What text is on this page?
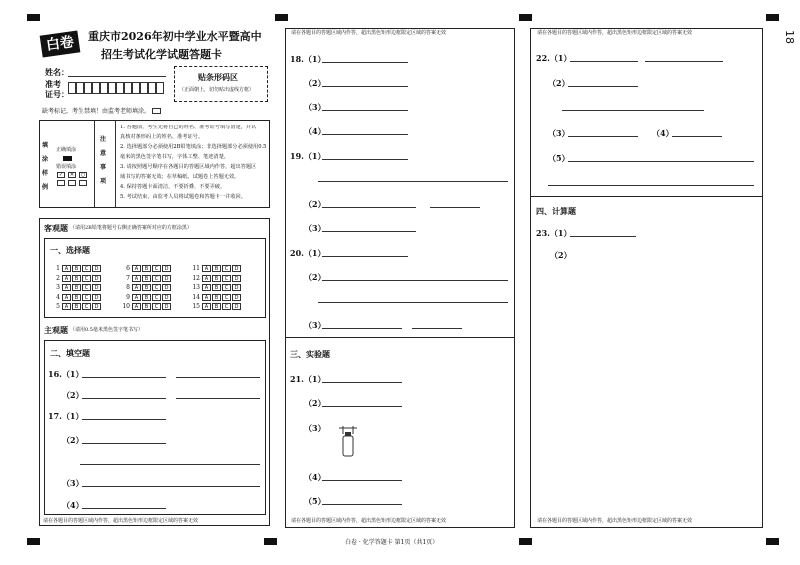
18
白卷	重庆市2026年初中学业水平暨高中
招生考试化学试题答题卡
姓名：
准考
证号：
贴条形码区
（正面朝上，切勿贴出虚线方框）
缺考标记，考生禁填！由监考老师填涂。
填
涂
样
例
正确填涂
错误填涂
✓	✕	○
注
意
事
项
1. 答题前，考生先将自己的姓名、准考证号填写清楚，并认
真核对条形码上的姓名、准考证号。
2. 选择题部分必须使用2B铅笔填涂；非选择题部分必须使用0.5
毫米的黑色签字笔书写，字体工整、笔迹清楚。
3. 请按照题号顺序在各题目的答题区域内作答，超出答题区
域书写的答案无效；在草稿纸、试题卷上答题无效。
4. 保持答题卡面清洁，不要折叠、不要弄破。
5. 考试结束，由监考人员将试题卷和答题卡一并收回。
客观题 （请用2B铅笔将题号右侧正确答案所对应的方框涂黑）
一、选择题
1 A	B	C	D
2 A	B	C	D
3 A	B	C	D
4 A	B	C	D
5 A	B	C	D
6 A	B	C	D
7 A	B	C	D
8 A	B	C	D
9 A	B	C	D
10 A	B	C	D
11 A	B	C	D
12 A	B	C	D
13 A	B	C	D
14 A	B	C	D
15 A	B	C	D
主观题 （请用0.5毫米黑色签字笔书写）
二、填空题
16.（1）
（2）
17.（1）
（2）
（3）
（4）
请在各题目的答题区域内作答，超出黑色矩形边框限定区域的答案无效
请在各题目的答题区域内作答，超出黑色矩形边框限定区域的答案无效
18.（1）
（2）
（3）
（4）
19.（1）
（2）
（3）
20.（1）
（2）
（3）
三、实验题
21.（1）
（2）
（3）
（4）
（5）
请在各题目的答题区域内作答，超出黑色矩形边框限定区域的答案无效
请在各题目的答题区域内作答，超出黑色矩形边框限定区域的答案无效
22.（1）
（2）
（3）	（4）
（5）
四、计算题
23.（1）
（2）
请在各题目的答题区域内作答，超出黑色矩形边框限定区域的答案无效
白卷 · 化学答题卡 第1页（共1页）
